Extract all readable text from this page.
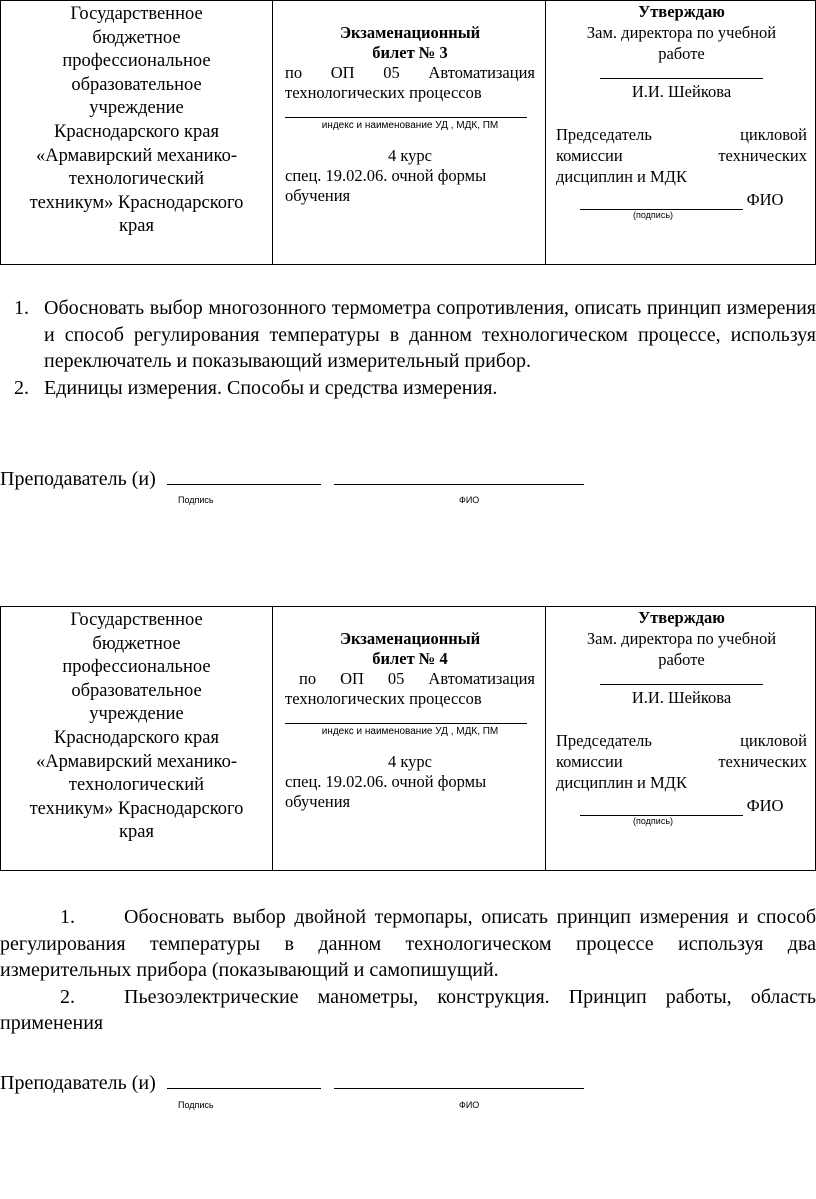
Государственное
бюджетное
профессиональное
образовательное
учреждение
Краснодарского края
«Армавирский механико-
технологический
техникум» Краснодарского
края
Экзаменационный
билет № 3
по ОП 05 Автоматизация
технологических процессов
индекс и наименование УД , МДК, ПМ
4 курс
спец. 19.02.06. очной формы
обучения
Утверждаю
Зам. директора по учебной
работе
И.И. Шейкова
Председатель цикловой
комиссии технических
дисциплин и МДК
ФИО
(подпись)
1. Обосновать выбор многозонного термометра сопротивления, описать принцип измерения и способ регулирования температуры в данном технологическом процессе, используя переключатель и показывающий измерительный прибор.
2. Единицы измерения. Способы и средства измерения.
Преподаватель (и)
Подпись	ФИО
Государственное
бюджетное
профессиональное
образовательное
учреждение
Краснодарского края
«Армавирский механико-
технологический
техникум» Краснодарского
края
Экзаменационный
билет № 4
по ОП 05 Автоматизация
технологических процессов
индекс и наименование УД , МДК, ПМ
4 курс
спец. 19.02.06. очной формы
обучения
Утверждаю
Зам. директора по учебной
работе
И.И. Шейкова
Председатель цикловой
комиссии технических
дисциплин и МДК
ФИО
(подпись)
1. Обосновать выбор двойной термопары, описать принцип измерения и способ регулирования температуры в данном технологическом процессе используя два измерительных прибора (показывающий и самопишущий.
2. Пьезоэлектрические манометры, конструкция. Принцип работы, область применения
Преподаватель (и)
Подпись	ФИО
